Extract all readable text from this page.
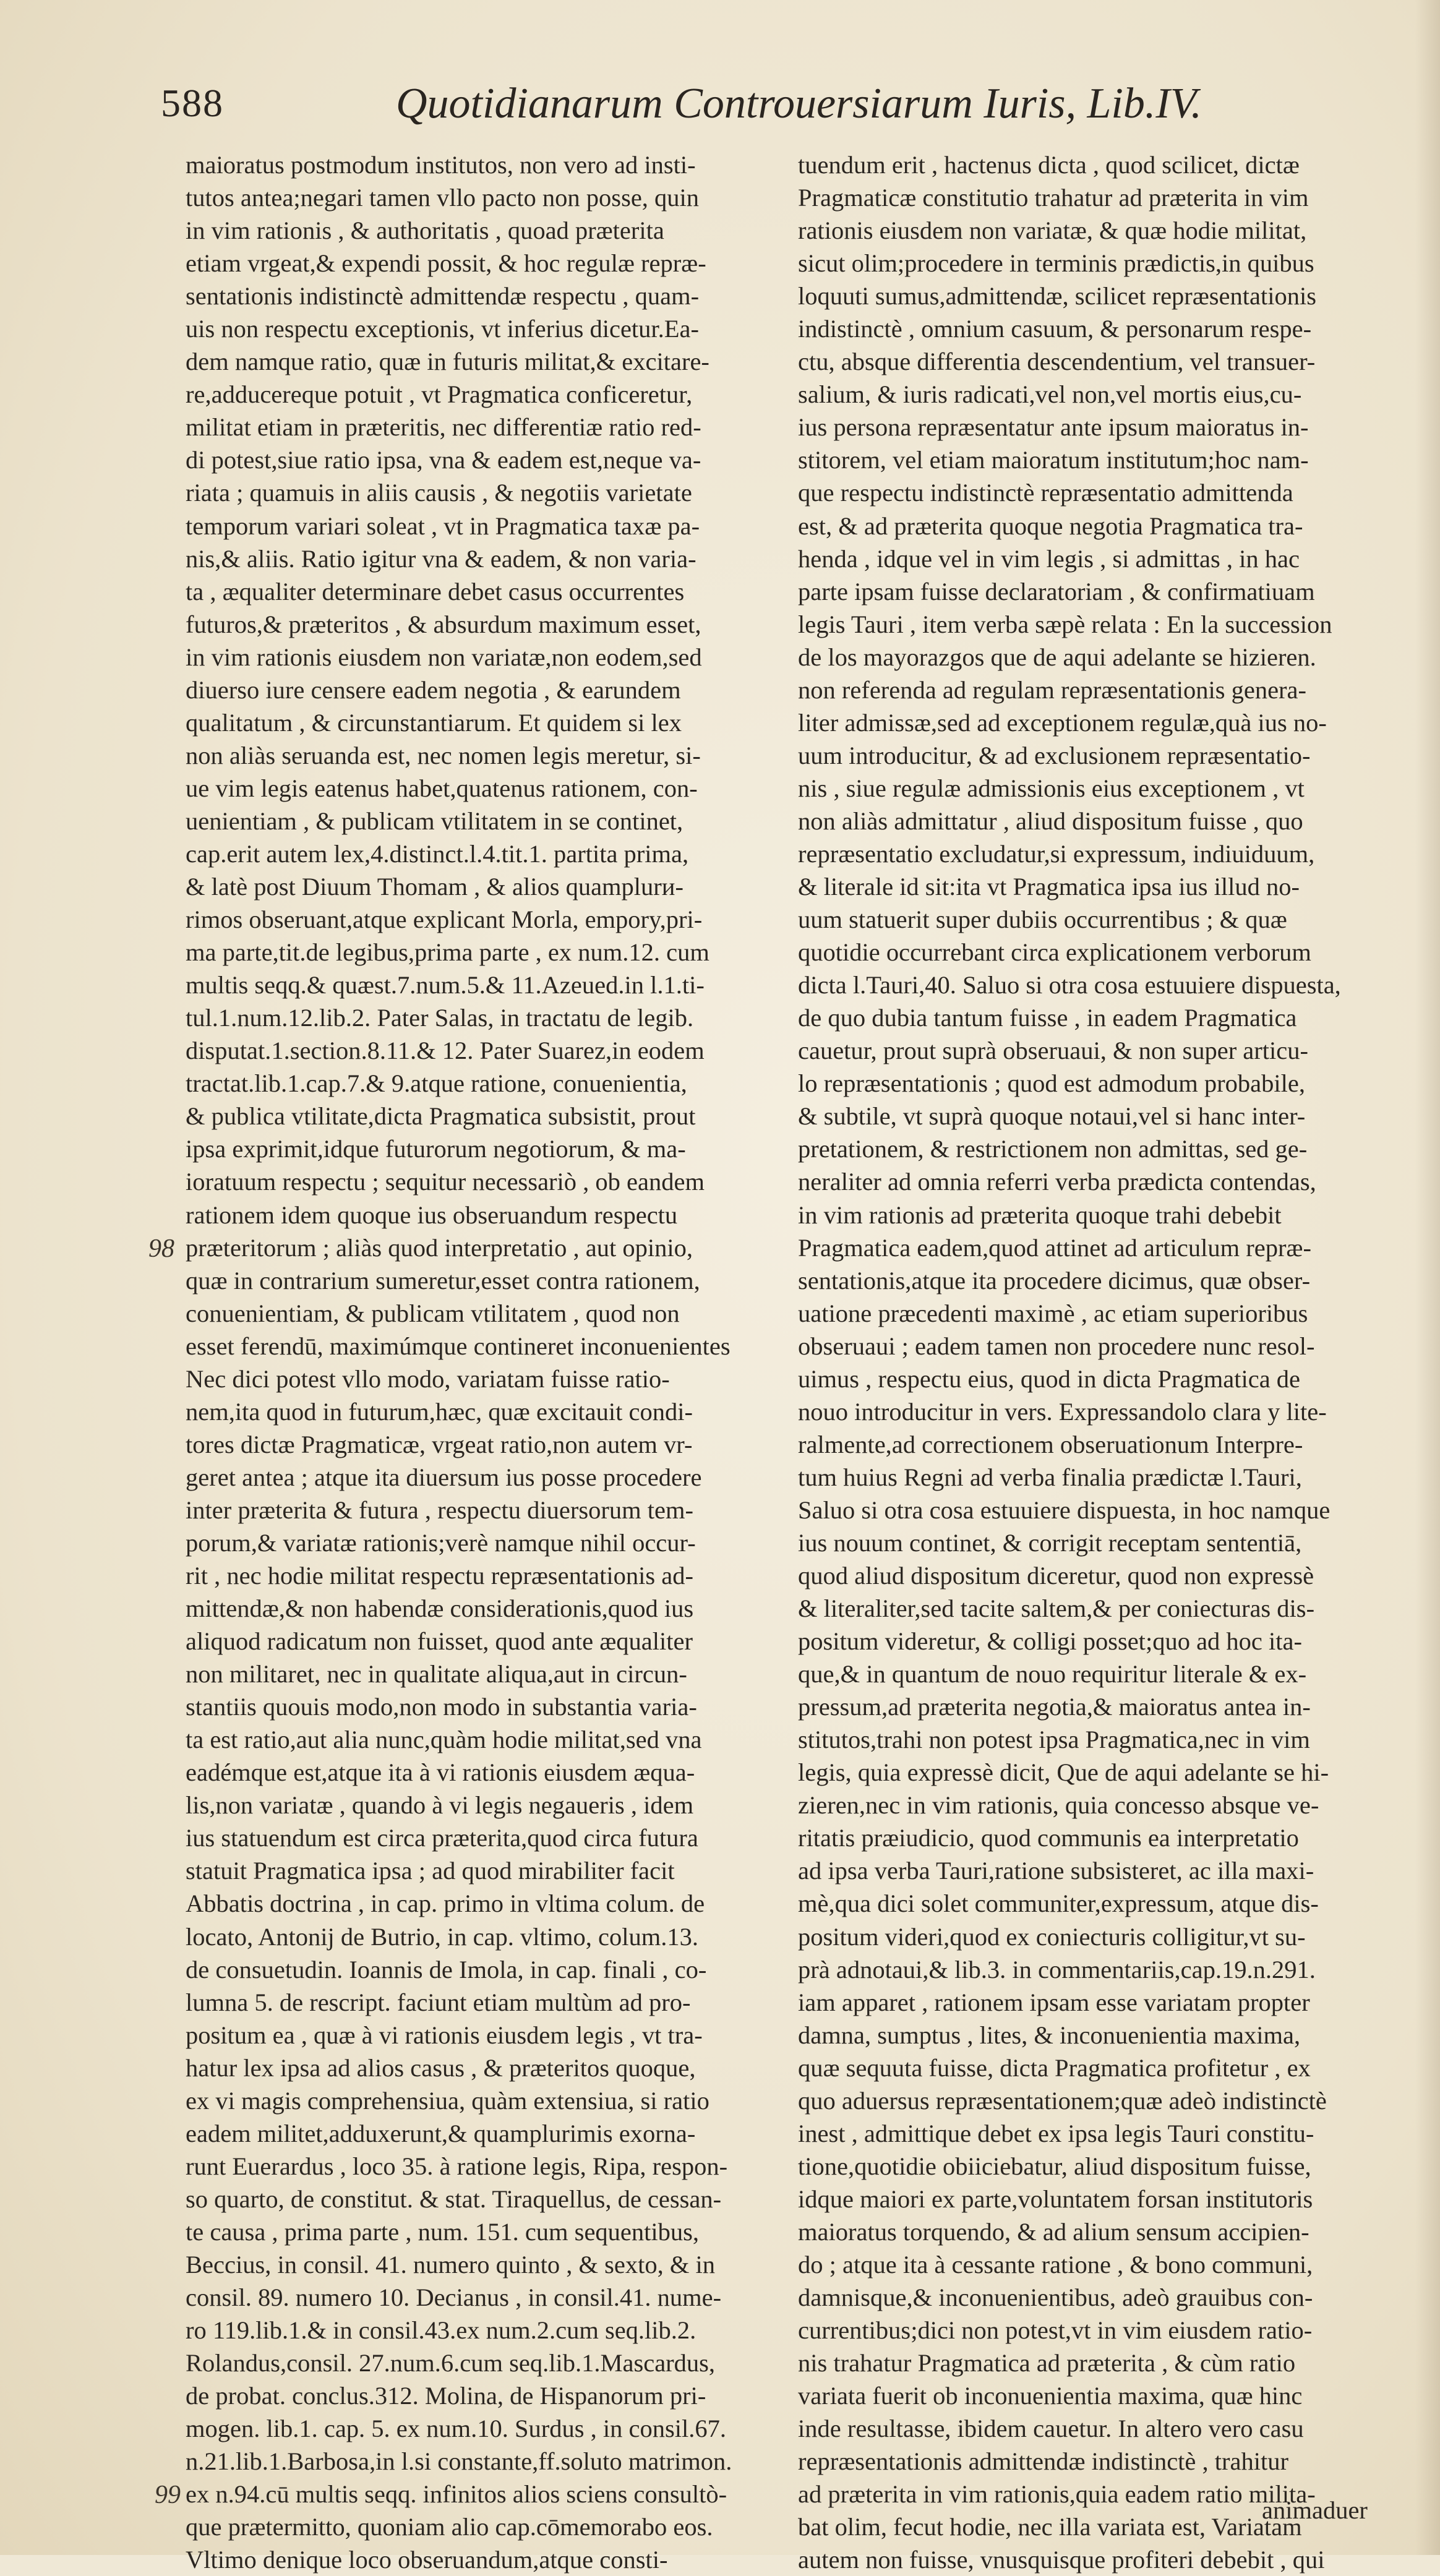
588	Quotidianarum Controuersiarum Iuris, Lib.IV.
maioratus postmodum institutos, non vero ad insti-
tutos antea;negari tamen vllo pacto non posse, quin
in vim rationis , & authoritatis , quoad præterita
etiam vrgeat,& expendi possit, & hoc regulæ repræ-
sentationis indistinctè admittendæ respectu , quam-
uis non respectu exceptionis, vt inferius dicetur.Ea-
dem namque ratio, quæ in futuris militat,& excitare-
re,adducereque potuit , vt Pragmatica conficeretur,
militat etiam in præteritis, nec differentiæ ratio red-
di potest,siue ratio ipsa, vna & eadem est,neque va-
riata ; quamuis in aliis causis , & negotiis varietate
temporum variari soleat , vt in Pragmatica taxæ pa-
nis,& aliis. Ratio igitur vna & eadem, & non varia-
ta , æqualiter determinare debet casus occurrentes
futuros,& præteritos , & absurdum maximum esset,
in vim rationis eiusdem non variatæ,non eodem,sed
diuerso iure censere eadem negotia , & earundem
qualitatum , & circunstantiarum. Et quidem si lex
non aliàs seruanda est, nec nomen legis meretur, si-
ue vim legis eatenus habet,quatenus rationem, con-
uenientiam , & publicam vtilitatem in se continet,
cap.erit autem lex,4.distinct.l.4.tit.1. partita prima,
& latè post Diuum Thomam , & alios quamplurи-
rimos obseruant,atque explicant Morla, empory,pri-
ma parte,tit.de legibus,prima parte , ex num.12. cum
multis seqq.& quæst.7.num.5.& 11.Azeued.in l.1.ti-
tul.1.num.12.lib.2. Pater Salas, in tractatu de legib.
disputat.1.section.8.11.& 12. Pater Suarez,in eodem
tractat.lib.1.cap.7.& 9.atque ratione, conuenientia,
& publica vtilitate,dicta Pragmatica subsistit, prout
ipsa exprimit,idque futurorum negotiorum, & ma-
ioratuum respectu ; sequitur necessariò , ob eandem
rationem idem quoque ius obseruandum respectu
præteritorum ; aliàs quod interpretatio , aut opinio,
quæ in contrarium sumeretur,esset contra rationem,
conuenientiam, & publicam vtilitatem , quod non
esset ferendū, maximúmque contineret inconuenientes
Nec dici potest vllo modo, variatam fuisse ratio-
nem,ita quod in futurum,hæc, quæ excitauit condi-
tores dictæ Pragmaticæ, vrgeat ratio,non autem vr-
geret antea ; atque ita diuersum ius posse procedere
inter præterita & futura , respectu diuersorum tem-
porum,& variatæ rationis;verè namque nihil occur-
rit , nec hodie militat respectu repræsentationis ad-
mittendæ,& non habendæ considerationis,quod ius
aliquod radicatum non fuisset, quod ante æqualiter
non militaret, nec in qualitate aliqua,aut in circun-
stantiis quouis modo,non modo in substantia varia-
ta est ratio,aut alia nunc,quàm hodie militat,sed vna
eadémque est,atque ita à vi rationis eiusdem æqua-
lis,non variatæ , quando à vi legis negaueris , idem
ius statuendum est circa præterita,quod circa futura
statuit Pragmatica ipsa ; ad quod mirabiliter facit
Abbatis doctrina , in cap. primo in vltima colum. de
locato, Antonij de Butrio, in cap. vltimo, colum.13.
de consuetudin. Ioannis de Imola, in cap. finali , co-
lumna 5. de rescript. faciunt etiam multùm ad pro-
positum ea , quæ à vi rationis eiusdem legis , vt tra-
hatur lex ipsa ad alios casus , & præteritos quoque,
ex vi magis comprehensiua, quàm extensiua, si ratio
eadem militet,adduxerunt,& quamplurimis exorna-
runt Euerardus , loco 35. à ratione legis, Ripa, respon-
so quarto, de constitut. & stat. Tiraquellus, de cessan-
te causa , prima parte , num. 151. cum sequentibus,
Beccius, in consil. 41. numero quinto , & sexto, & in
consil. 89. numero 10. Decianus , in consil.41. nume-
ro 119.lib.1.& in consil.43.ex num.2.cum seq.lib.2.
Rolandus,consil. 27.num.6.cum seq.lib.1.Mascardus,
de probat. conclus.312. Molina, de Hispanorum pri-
mogen. lib.1. cap. 5. ex num.10. Surdus , in consil.67.
n.21.lib.1.Barbosa,in l.si constante,ff.soluto matrimon.
ex n.94.cū multis seqq. infinitos alios sciens consultò-
que prætermitto, quoniam alio cap.cōmemorabo eos.
Vltimo denique loco obseruandum,atque consti-
tuendum erit , hactenus dicta , quod scilicet, dictæ
Pragmaticæ constitutio trahatur ad præterita in vim
rationis eiusdem non variatæ, & quæ hodie militat,
sicut olim;procedere in terminis prædictis,in quibus
loquuti sumus,admittendæ, scilicet repræsentationis
indistinctè , omnium casuum, & personarum respe-
ctu, absque differentia descendentium, vel transuer-
salium, & iuris radicati,vel non,vel mortis eius,cu-
ius persona repræsentatur ante ipsum maioratus in-
stitorem, vel etiam maioratum institutum;hoc nam-
que respectu indistinctè repræsentatio admittenda
est, & ad præterita quoque negotia Pragmatica tra-
henda , idque vel in vim legis , si admittas , in hac
parte ipsam fuisse declaratoriam , & confirmatiuam
legis Tauri , item verba sæpè relata : En la succession
de los mayorazgos que de aqui adelante se hizieren.
non referenda ad regulam repræsentationis genera-
liter admissæ,sed ad exceptionem regulæ,quà ius no-
uum introducitur, & ad exclusionem repræsentatio-
nis , siue regulæ admissionis eius exceptionem , vt
non aliàs admittatur , aliud dispositum fuisse , quo
repræsentatio excludatur,si expressum, indiuiduum,
& literale id sit:ita vt Pragmatica ipsa ius illud no-
uum statuerit super dubiis occurrentibus ; & quæ
quotidie occurrebant circa explicationem verborum
dicta l.Tauri,40. Saluo si otra cosa estuuiere dispuesta,
de quo dubia tantum fuisse , in eadem Pragmatica
cauetur, prout suprà obseruaui, & non super articu-
lo repræsentationis ; quod est admodum probabile,
& subtile, vt suprà quoque notaui,vel si hanc inter-
pretationem, & restrictionem non admittas, sed ge-
neraliter ad omnia referri verba prædicta contendas,
in vim rationis ad præterita quoque trahi debebit
Pragmatica eadem,quod attinet ad articulum repræ-
sentationis,atque ita procedere dicimus, quæ obser-
uatione præcedenti maximè , ac etiam superioribus
obseruaui ; eadem tamen non procedere nunc resol-
uimus , respectu eius, quod in dicta Pragmatica de
nouo introducitur in vers. Expressandolo clara y lite-
ralmente,ad correctionem obseruationum Interpre-
tum huius Regni ad verba finalia prædictæ l.Tauri,
Saluo si otra cosa estuuiere dispuesta, in hoc namque
ius nouum continet, & corrigit receptam sententiā,
quod aliud dispositum diceretur, quod non expressè
& literaliter,sed tacite saltem,& per coniecturas dis-
positum videretur, & colligi posset;quo ad hoc ita-
que,& in quantum de nouo requiritur literale & ex-
pressum,ad præterita negotia,& maioratus antea in-
stitutos,trahi non potest ipsa Pragmatica,nec in vim
legis, quia expressè dicit, Que de aqui adelante se hi-
zieren,nec in vim rationis, quia concesso absque ve-
ritatis præiudicio, quod communis ea interpretatio
ad ipsa verba Tauri,ratione subsisteret, ac illa maxi-
mè,qua dici solet communiter,expressum, atque dis-
positum videri,quod ex coniecturis colligitur,vt su-
prà adnotaui,& lib.3. in commentariis,cap.19.n.291.
iam apparet , rationem ipsam esse variatam propter
damna, sumptus , lites, & inconuenientia maxima,
quæ sequuta fuisse, dicta Pragmatica profitetur , ex
quo aduersus repræsentationem;quæ adeò indistinctè
inest , admittique debet ex ipsa legis Tauri constitu-
tione,quotidie obiiciebatur, aliud dispositum fuisse,
idque maiori ex parte,voluntatem forsan institutoris
maioratus torquendo, & ad alium sensum accipien-
do ; atque ita à cessante ratione , & bono communi,
damnisque,& inconuenientibus, adeò grauibus con-
currentibus;dici non potest,vt in vim eiusdem ratio-
nis trahatur Pragmatica ad præterita , & cùm ratio
variata fuerit ob inconuenientia maxima, quæ hinc
inde resultasse, ibidem cauetur. In altero vero casu
repræsentationis admittendæ indistinctè , trahitur
ad præterita in vim rationis,quia eadem ratio milita-
bat olim, fecut hodie, nec illa variata est, Variatam
autem non fuisse, vnusquisque profiteri debebit , qui
98
99
animaduer
